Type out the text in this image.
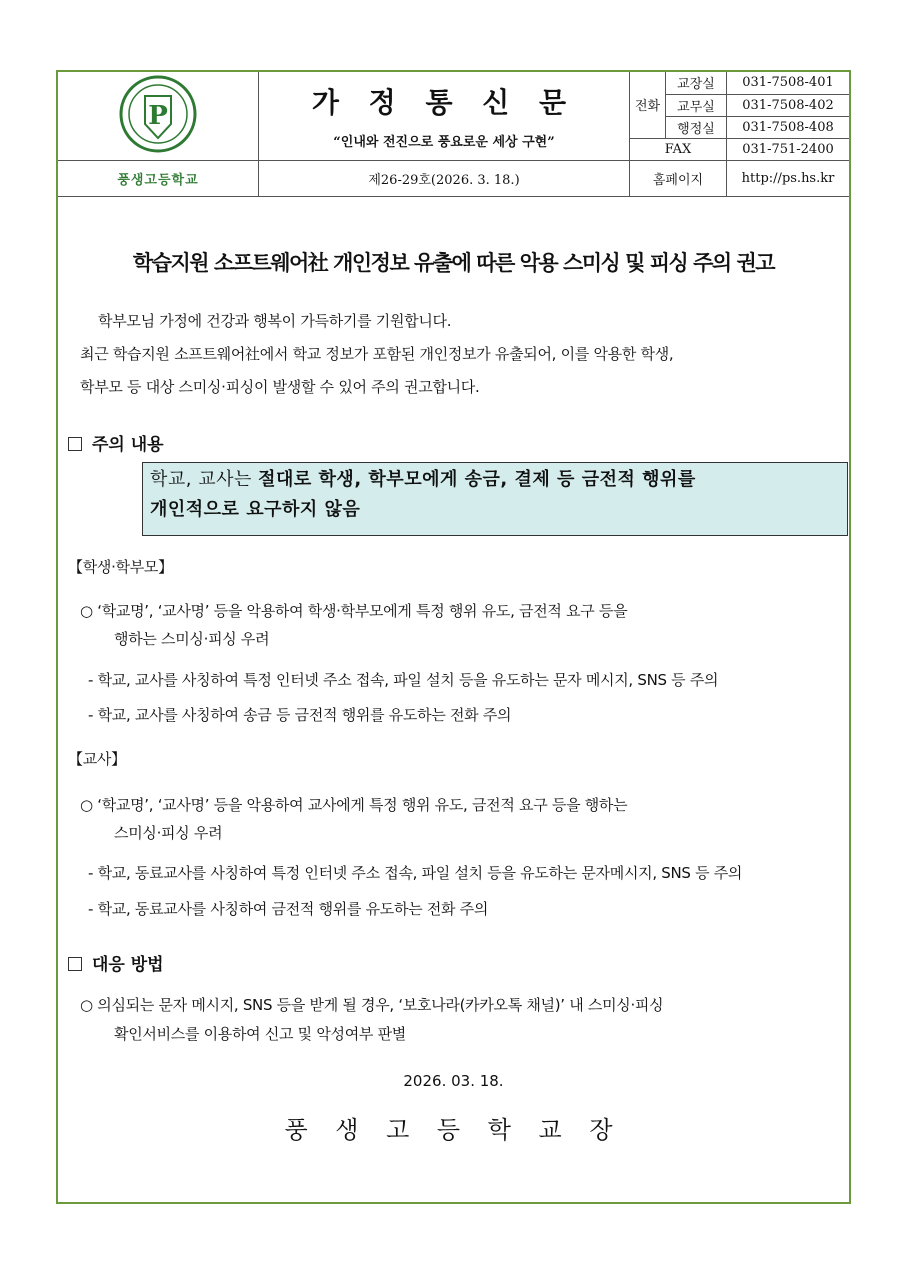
P	가 정 통 신 문
“인내와 전진으로 풍요로운 세상 구현”	전화	교장실	031-7508-401
			교무실	031-7508-402
			행정실	031-7508-408
		FAX		031-751-2400
풍생고등학교	제26-29호(2026. 3. 18.)	홈페이지		http://ps.hs.kr
학습지원 소프트웨어社 개인정보 유출에 따른 악용 스미싱 및 피싱 주의 권고
학부모님 가정에 건강과 행복이 가득하기를 기원합니다.
최근 학습지원 소프트웨어社에서 학교 정보가 포함된 개인정보가 유출되어, 이를 악용한 학생,
학부모 등 대상 스미싱·피싱이 발생할 수 있어 주의 권고합니다.
주의 내용
학교, 교사는 절대로 학생, 학부모에게 송금, 결제 등 금전적 행위를
개인적으로 요구하지 않음
【학생·학부모】
○ ‘학교명’, ‘교사명’ 등을 악용하여 학생·학부모에게 특정 행위 유도, 금전적 요구 등을
행하는 스미싱·피싱 우려
- 학교, 교사를 사칭하여 특정 인터넷 주소 접속, 파일 설치 등을 유도하는 문자 메시지, SNS 등 주의
- 학교, 교사를 사칭하여 송금 등 금전적 행위를 유도하는 전화 주의
【교사】
○ ‘학교명’, ‘교사명’ 등을 악용하여 교사에게 특정 행위 유도, 금전적 요구 등을 행하는
스미싱·피싱 우려
- 학교, 동료교사를 사칭하여 특정 인터넷 주소 접속, 파일 설치 등을 유도하는 문자메시지, SNS 등 주의
- 학교, 동료교사를 사칭하여 금전적 행위를 유도하는 전화 주의
대응 방법
○ 의심되는 문자 메시지, SNS 등을 받게 될 경우, ‘보호나라(카카오톡 채널)’ 내 스미싱·피싱
확인서비스를 이용하여 신고 및 악성여부 판별
2026. 03. 18.
풍 생 고 등 학 교 장
